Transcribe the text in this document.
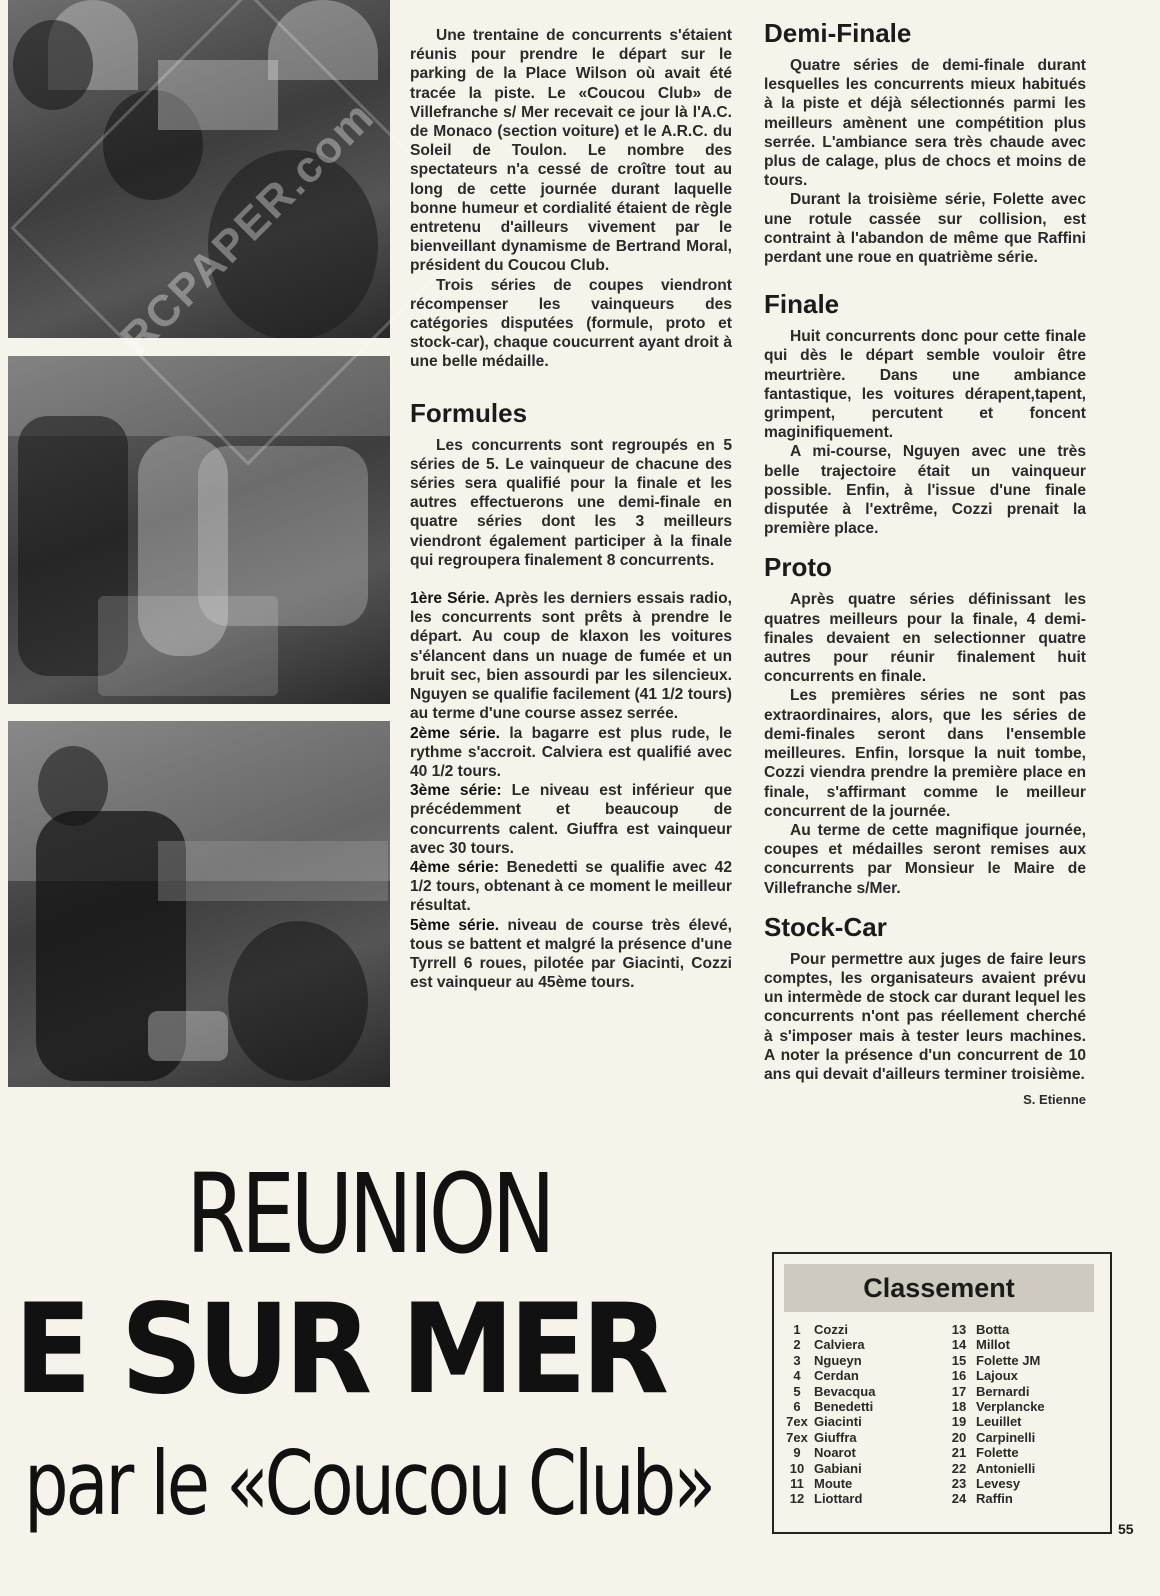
RCPAPER.com

Une trentaine de concurrents s'étaient réunis pour prendre le départ sur le parking de la Place Wilson où avait été tracée la piste. Le «Coucou Club» de Villefranche s/ Mer recevait ce jour là l'A.C. de Monaco (section voiture) et le A.R.C. du Soleil de Toulon. Le nombre des spectateurs n'a cessé de croître tout au long de cette journée durant laquelle bonne humeur et cordialité étaient de règle entretenu d'ailleurs vivement par le bienveillant dynamisme de Bertrand Moral, président du Coucou Club.

Trois séries de coupes viendront récompenser les vainqueurs des catégories disputées (formule, proto et stock-car), chaque coucurrent ayant droit à une belle médaille.

Formules

Les concurrents sont regroupés en 5 séries de 5. Le vainqueur de chacune des séries sera qualifié pour la finale et les autres effectuerons une demi-finale en quatre séries dont les 3 meilleurs viendront également participer à la finale qui regroupera finalement 8 concurrents.

1ère Série. Après les derniers essais radio, les concurrents sont prêts à prendre le départ. Au coup de klaxon les voitures s'élancent dans un nuage de fumée et un bruit sec, bien assourdi par les silencieux. Nguyen se qualifie facilement (41 1/2 tours) au terme d'une course assez serrée.

2ème série. la bagarre est plus rude, le rythme s'accroit. Calviera est qualifié avec 40 1/2 tours.

3ème série: Le niveau est inférieur que précédemment et beaucoup de concurrents calent. Giuffra est vainqueur avec 30 tours.

4ème série: Benedetti se qualifie avec 42 1/2 tours, obtenant à ce moment le meilleur résultat.

5ème série. niveau de course très élevé, tous se battent et malgré la présence d'une Tyrrell 6 roues, pilotée par Giacinti, Cozzi est vainqueur au 45ème tours.

Demi-Finale

Quatre séries de demi-finale durant lesquelles les concurrents mieux habitués à la piste et déjà sélectionnés parmi les meilleurs amènent une compétition plus serrée. L'ambiance sera très chaude avec plus de calage, plus de chocs et moins de tours.

Durant la troisième série, Folette avec une rotule cassée sur collision, est contraint à l'abandon de même que Raffini perdant une roue en quatrième série.

Finale

Huit concurrents donc pour cette finale qui dès le départ semble vouloir être meurtrière. Dans une ambiance fantastique, les voitures dérapent,tapent, grimpent, percutent et foncent maginifiquement.

A mi-course, Nguyen avec une très belle trajectoire était un vainqueur possible. Enfin, à l'issue d'une finale disputée à l'extrême, Cozzi prenait la première place.

Proto

Après quatre séries définissant les quatres meilleurs pour la finale, 4 demi-finales devaient en selectionner quatre autres pour réunir finalement huit concurrents en finale.

Les premières séries ne sont pas extraordinaires, alors, que les séries de demi-finales seront dans l'ensemble meilleures. Enfin, lorsque la nuit tombe, Cozzi viendra prendre la première place en finale, s'affirmant comme le meilleur concurrent de la journée.

Au terme de cette magnifique journée, coupes et médailles seront remises aux concurrents par Monsieur le Maire de Villefranche s/Mer.

Stock-Car

Pour permettre aux juges de faire leurs comptes, les organisateurs avaient prévu un intermède de stock car durant lequel les concurrents n'ont pas réellement cherché à s'imposer mais à tester leurs machines. A noter la présence d'un concurrent de 10 ans qui devait d'ailleurs terminer troisième.

S. Etienne
REUNION
E SUR MER
par le «Coucou Club»
Classement
1 Cozzi
2 Calviera
3 Ngueyn
4 Cerdan
5 Bevacqua
6 Benedetti
7ex Giacinti
7ex Giuffra
9 Noarot
10 Gabiani
11 Moute
12 Liottard
13 Botta
14 Millot
15 Folette JM
16 Lajoux
17 Bernardi
18 Verplancke
19 Leuillet
20 Carpinelli
21 Folette
22 Antonielli
23 Levesy
24 Raffin
55
